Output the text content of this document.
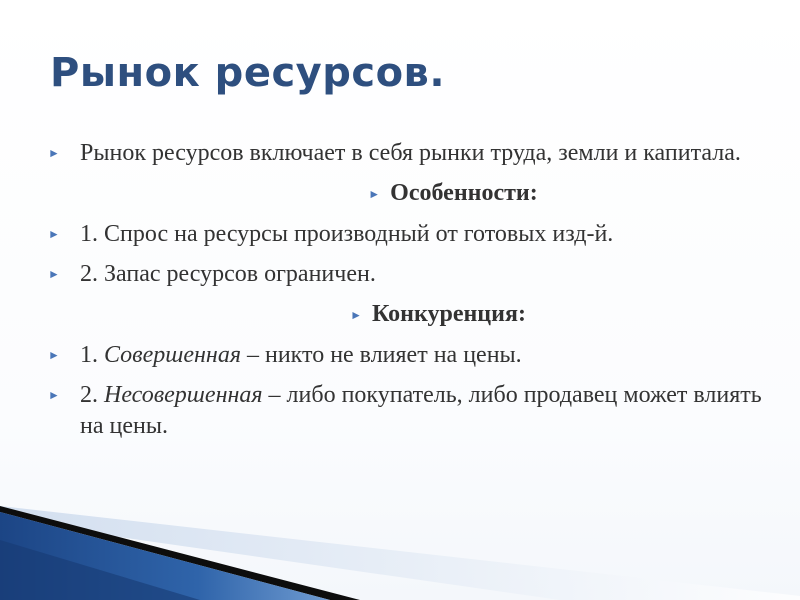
Рынок ресурсов.
► Рынок ресурсов включает в себя рынки труда, земли и капитала.
► Особенности:
► 1. Спрос на ресурсы производный от готовых изд-й.
► 2. Запас ресурсов ограничен.
► Конкуренция:
► 1. Совершенная – никто не влияет на цены.
► 2. Несовершенная – либо покупатель, либо продавец может влиять на цены.
